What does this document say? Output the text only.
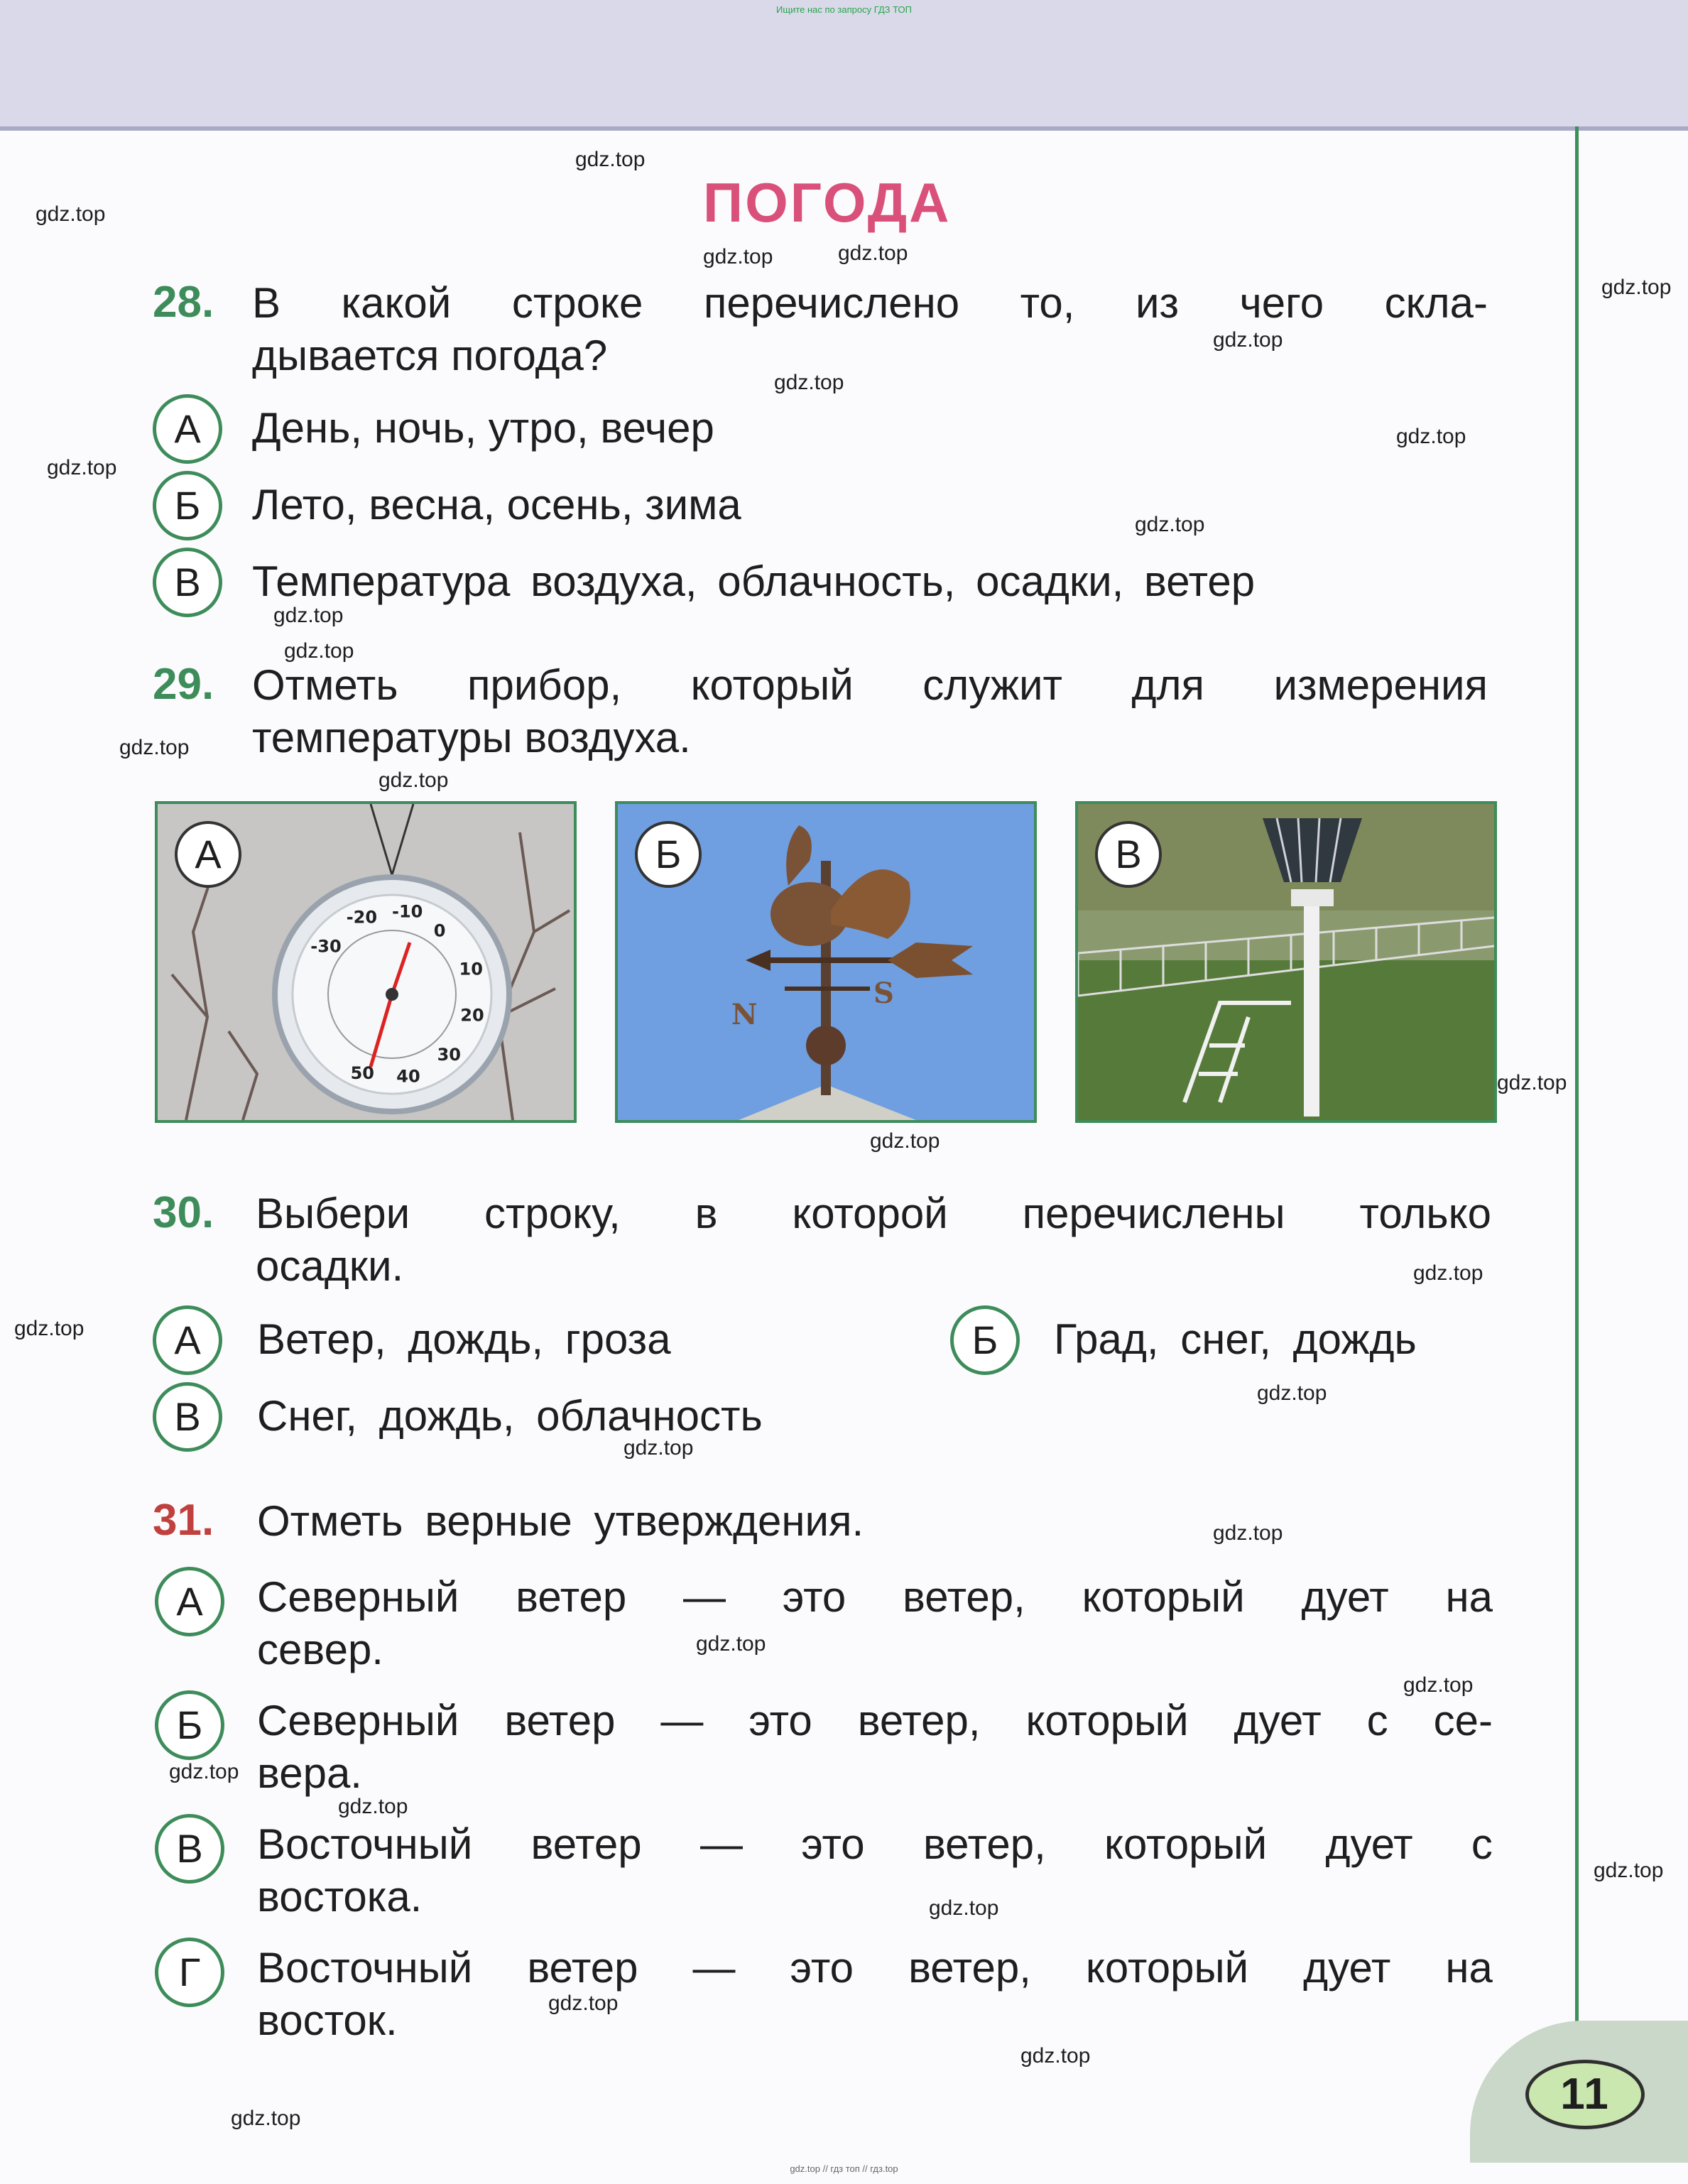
Ищите нас по запросу ГДЗ ТОП
ПОГОДА
28. В какой строке перечислено то, из чего скла-
дывается погода?
А	День, ночь, утро, вечер
Б	Лето, весна, осень, зима
В	Температура воздуха, облачность, осадки, ветер
29. Отметь прибор, который служит для измерения
температуры воздуха.
-30
-20 -10
0
10
20
30
40
50
А
N
S
Б	В
30. Выбери строку, в которой перечислены только
осадки.
А	Ветер, дождь, гроза	Б	Град, снег, дождь
В	Снег, дождь, облачность
31. Отметь верные утверждения.
А	Северный ветер — это ветер, который дует на
север.
Б	Северный ветер — это ветер, который дует с се-
вера.
В	Восточный ветер — это ветер, который дует с
востока.
Г	Восточный ветер — это ветер, который дует на
восток.
11
gdz.top
gdz.top
gdz.top
gdz.top
gdz.top
gdz.top
gdz.top
gdz.top
gdz.top
gdz.top
gdz.top
gdz.top
gdz.top
gdz.top
gdz.top
gdz.top
gdz.top
gdz.top
gdz.top
gdz.top
gdz.top
gdz.top
gdz.top
gdz.top
gdz.top
gdz.top
gdz.top
gdz.top
gdz.top
gdz.top
gdz.top // гдз топ // гдз.top
